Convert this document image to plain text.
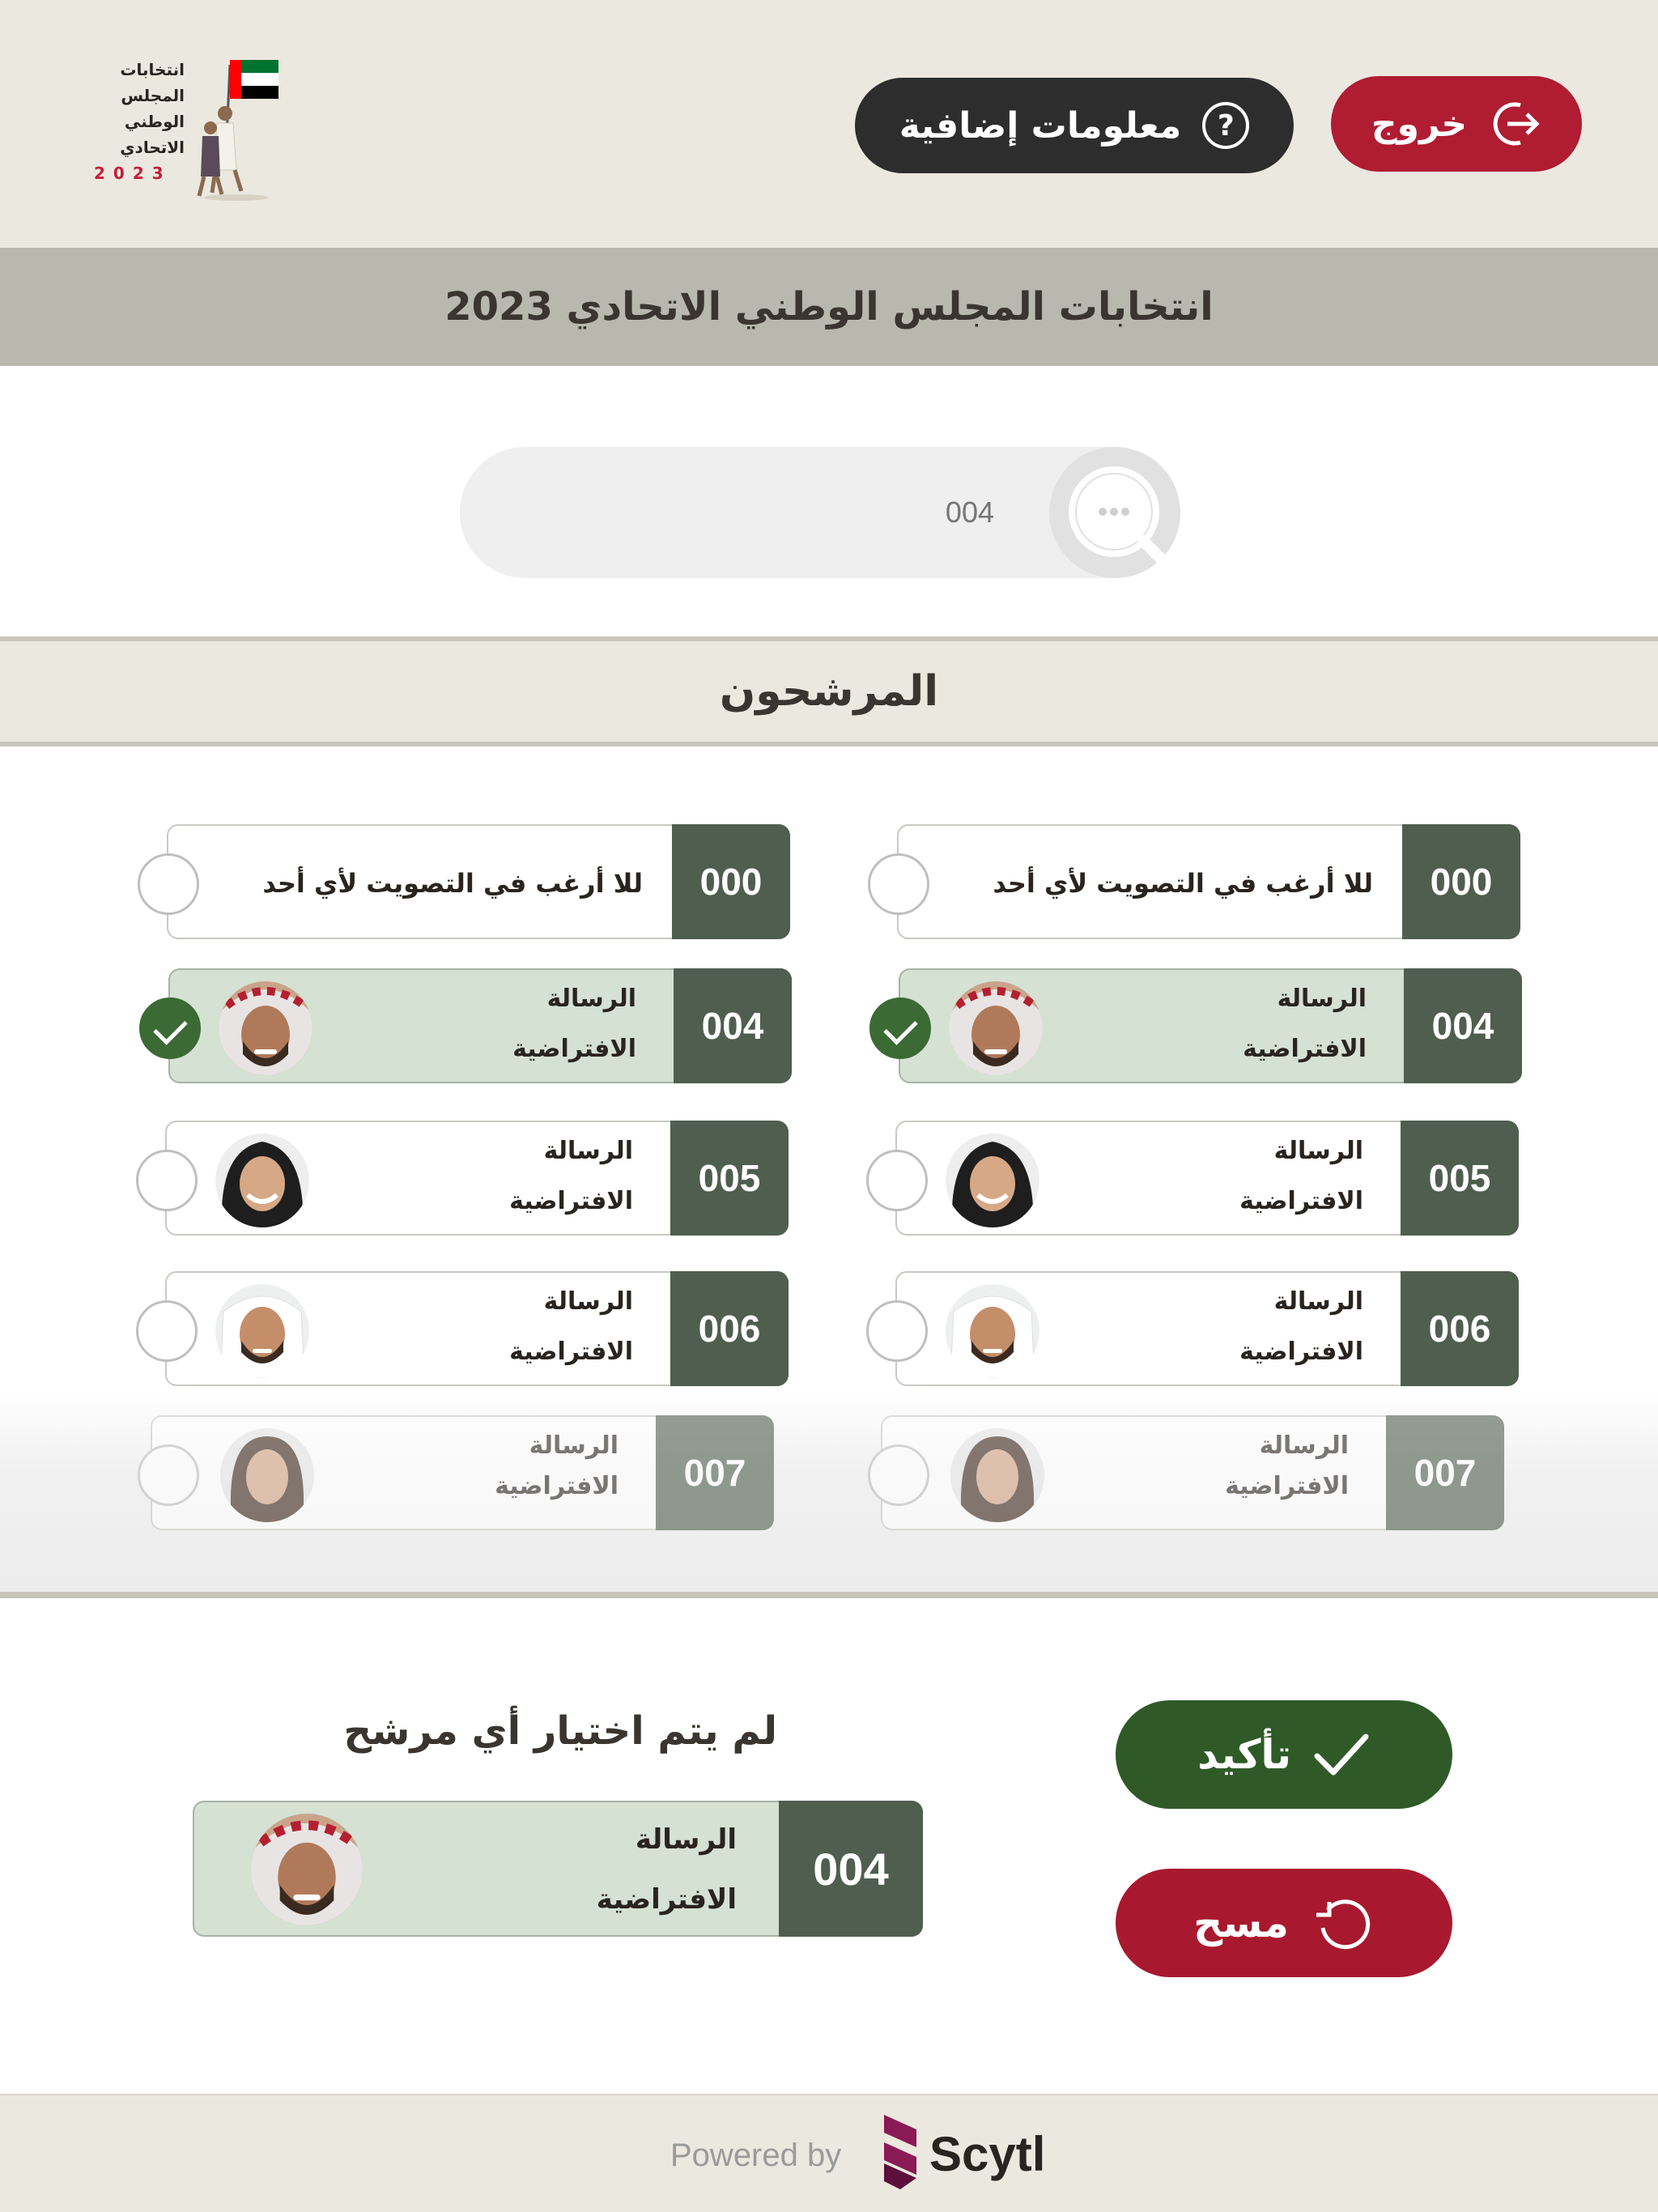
انتخابات
المجلس
الوطني
الاتحادي
2023
?
معلومات إضافية	خروج
انتخابات المجلس الوطني الاتحادي 2023
004
المرشحون
000
للا أرغب في التصويت لأي أحد
004
الرسالة
الافتراضية
005
الرسالة
الافتراضية
006
الرسالة
الافتراضية
007
الرسالة
الافتراضية
000
للا أرغب في التصويت لأي أحد
004
الرسالة
الافتراضية
005
الرسالة
الافتراضية
006
الرسالة
الافتراضية
007
الرسالة
الافتراضية
لم يتم اختيار أي مرشح
004
الرسالة
الافتراضية
تأكيد
مسح
Powered by Scytl
